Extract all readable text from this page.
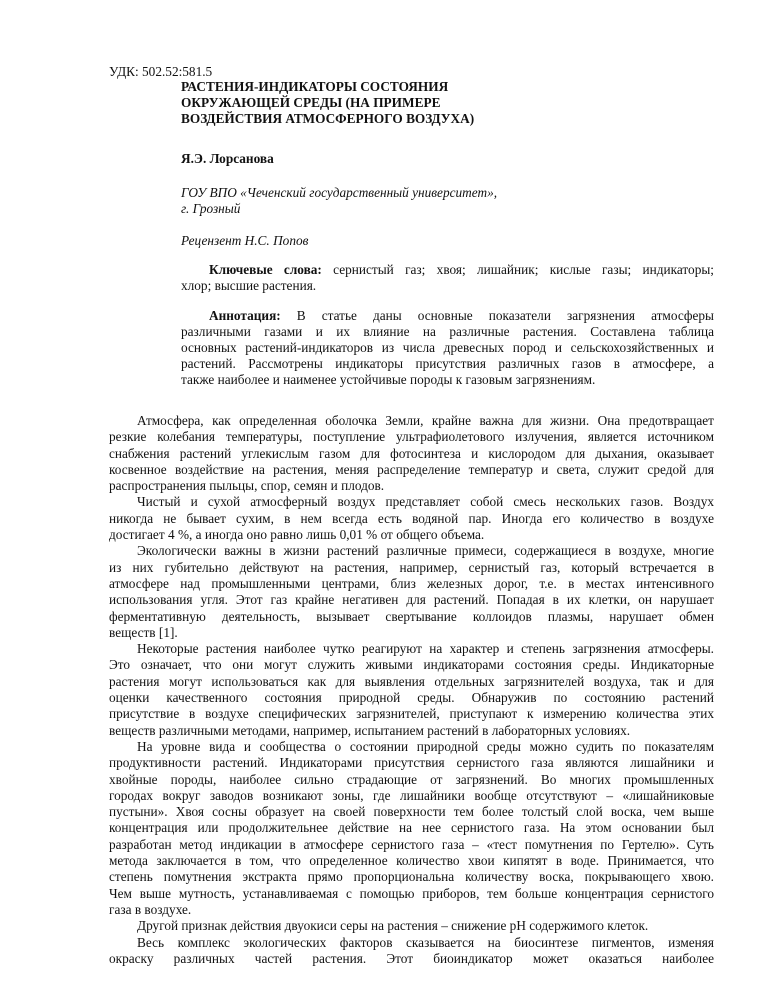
УДК: 502.52:581.5
РАСТЕНИЯ-ИНДИКАТОРЫ СОСТОЯНИЯ
ОКРУЖАЮЩЕЙ СРЕДЫ (НА ПРИМЕРЕ
ВОЗДЕЙСТВИЯ АТМОСФЕРНОГО ВОЗДУХА)
Я.Э. Лорсанова
ГОУ ВПО «Чеченский государственный университет»,
г. Грозный
Рецензент Н.С. Попов
Ключевые слова: сернистый газ; хвоя; лишайник; кислые газы; индикаторы;
хлор; высшие растения.
Аннотация: В статье даны основные показатели загрязнения атмосферы
различными газами и их влияние на различные растения. Составлена таблица
основных растений-индикаторов из числа древесных пород и сельскохозяйственных и
растений. Рассмотрены индикаторы присутствия различных газов в атмосфере, а
также наиболее и наименее устойчивые породы к газовым загрязнениям.
Атмосфера, как определенная оболочка Земли, крайне важна для жизни. Она предотвращает
резкие колебания температуры, поступление ультрафиолетового излучения, является источником
снабжения растений углекислым газом для фотосинтеза и кислородом для дыхания, оказывает
косвенное воздействие на растения, меняя распределение температур и света, служит средой для
распространения пыльцы, спор, семян и плодов.
Чистый и сухой атмосферный воздух представляет собой смесь нескольких газов. Воздух
никогда не бывает сухим, в нем всегда есть водяной пар. Иногда его количество в воздухе
достигает 4 %, а иногда оно равно лишь 0,01 % от общего объема.
Экологически важны в жизни растений различные примеси, содержащиеся в воздухе, многие
из них губительно действуют на растения, например, сернистый газ, который встречается в
атмосфере над промышленными центрами, близ железных дорог, т.е. в местах интенсивного
использования угля. Этот газ крайне негативен для растений. Попадая в их клетки, он нарушает
ферментативную деятельность, вызывает свертывание коллоидов плазмы, нарушает обмен
веществ [1].
Некоторые растения наиболее чутко реагируют на характер и степень загрязнения атмосферы.
Это означает, что они могут служить живыми индикаторами состояния среды. Индикаторные
растения могут использоваться как для выявления отдельных загрязнителей воздуха, так и для
оценки качественного состояния природной среды. Обнаружив по состоянию растений
присутствие в воздухе специфических загрязнителей, приступают к измерению количества этих
веществ различными методами, например, испытанием растений в лабораторных условиях.
На уровне вида и сообщества о состоянии природной среды можно судить по показателям
продуктивности растений. Индикаторами присутствия сернистого газа являются лишайники и
хвойные породы, наиболее сильно страдающие от загрязнений. Во многих промышленных
городах вокруг заводов возникают зоны, где лишайники вообще отсутствуют – «лишайниковые
пустыни». Хвоя сосны образует на своей поверхности тем более толстый слой воска, чем выше
концентрация или продолжительнее действие на нее сернистого газа. На этом основании был
разработан метод индикации в атмосфере сернистого газа – «тест помутнения по Гертелю». Суть
метода заключается в том, что определенное количество хвои кипятят в воде. Принимается, что
степень помутнения экстракта прямо пропорциональна количеству воска, покрывающего хвою.
Чем выше мутность, устанавливаемая с помощью приборов, тем больше концентрация сернистого
газа в воздухе.
Другой признак действия двуокиси серы на растения – снижение pH содержимого клеток.
Весь комплекс экологических факторов сказывается на биосинтезе пигментов, изменяя
окраску различных частей растения. Этот биоиндикатор может оказаться наиболее
